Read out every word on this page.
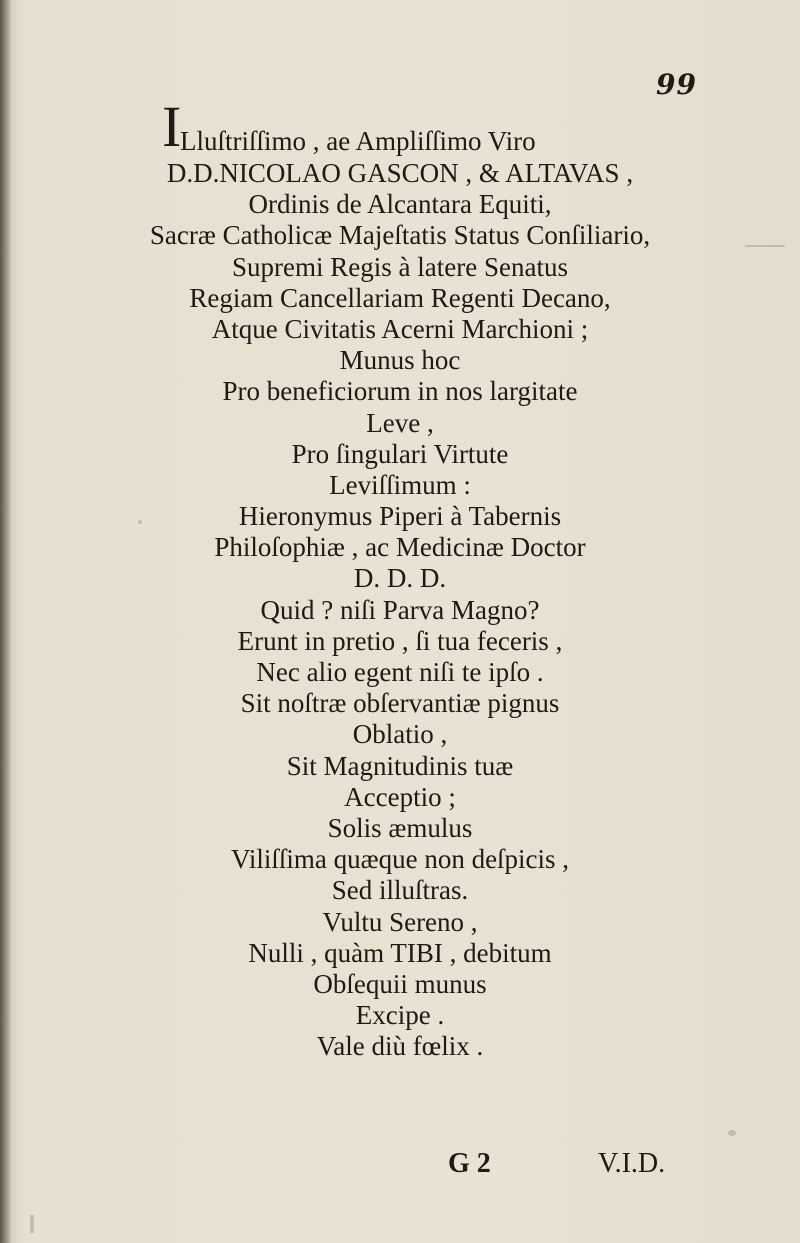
99
I
Lluſtriſſimo , ae Ampliſſimo Viro
D.D.NICOLAO GASCON , & ALTAVAS ,
Ordinis de Alcantara Equiti,
Sacræ Catholicæ Majeſtatis Status Conſiliario,
Supremi Regis à latere Senatus
Regiam Cancellariam Regenti Decano,
Atque Civitatis Acerni Marchioni ;
Munus hoc
Pro beneficiorum in nos largitate
Leve ,
Pro ſingulari Virtute
Leviſſimum :
Hieronymus Piperi à Tabernis
Philoſophiæ , ac Medicinæ Doctor
D. D. D.
Quid ? niſi Parva Magno?
Erunt in pretio , ſi tua feceris ,
Nec alio egent niſi te ipſo .
Sit noſtræ obſervantiæ pignus
Oblatio ,
Sit Magnitudinis tuæ
Acceptio ;
Solis æmulus
Viliſſima quæque non deſpicis ,
Sed illuſtras.
Vultu Sereno ,
Nulli , quàm TIBI , debitum
Obſequii munus
Excipe .
Vale diù fœlix .
G 2	V.I.D.
